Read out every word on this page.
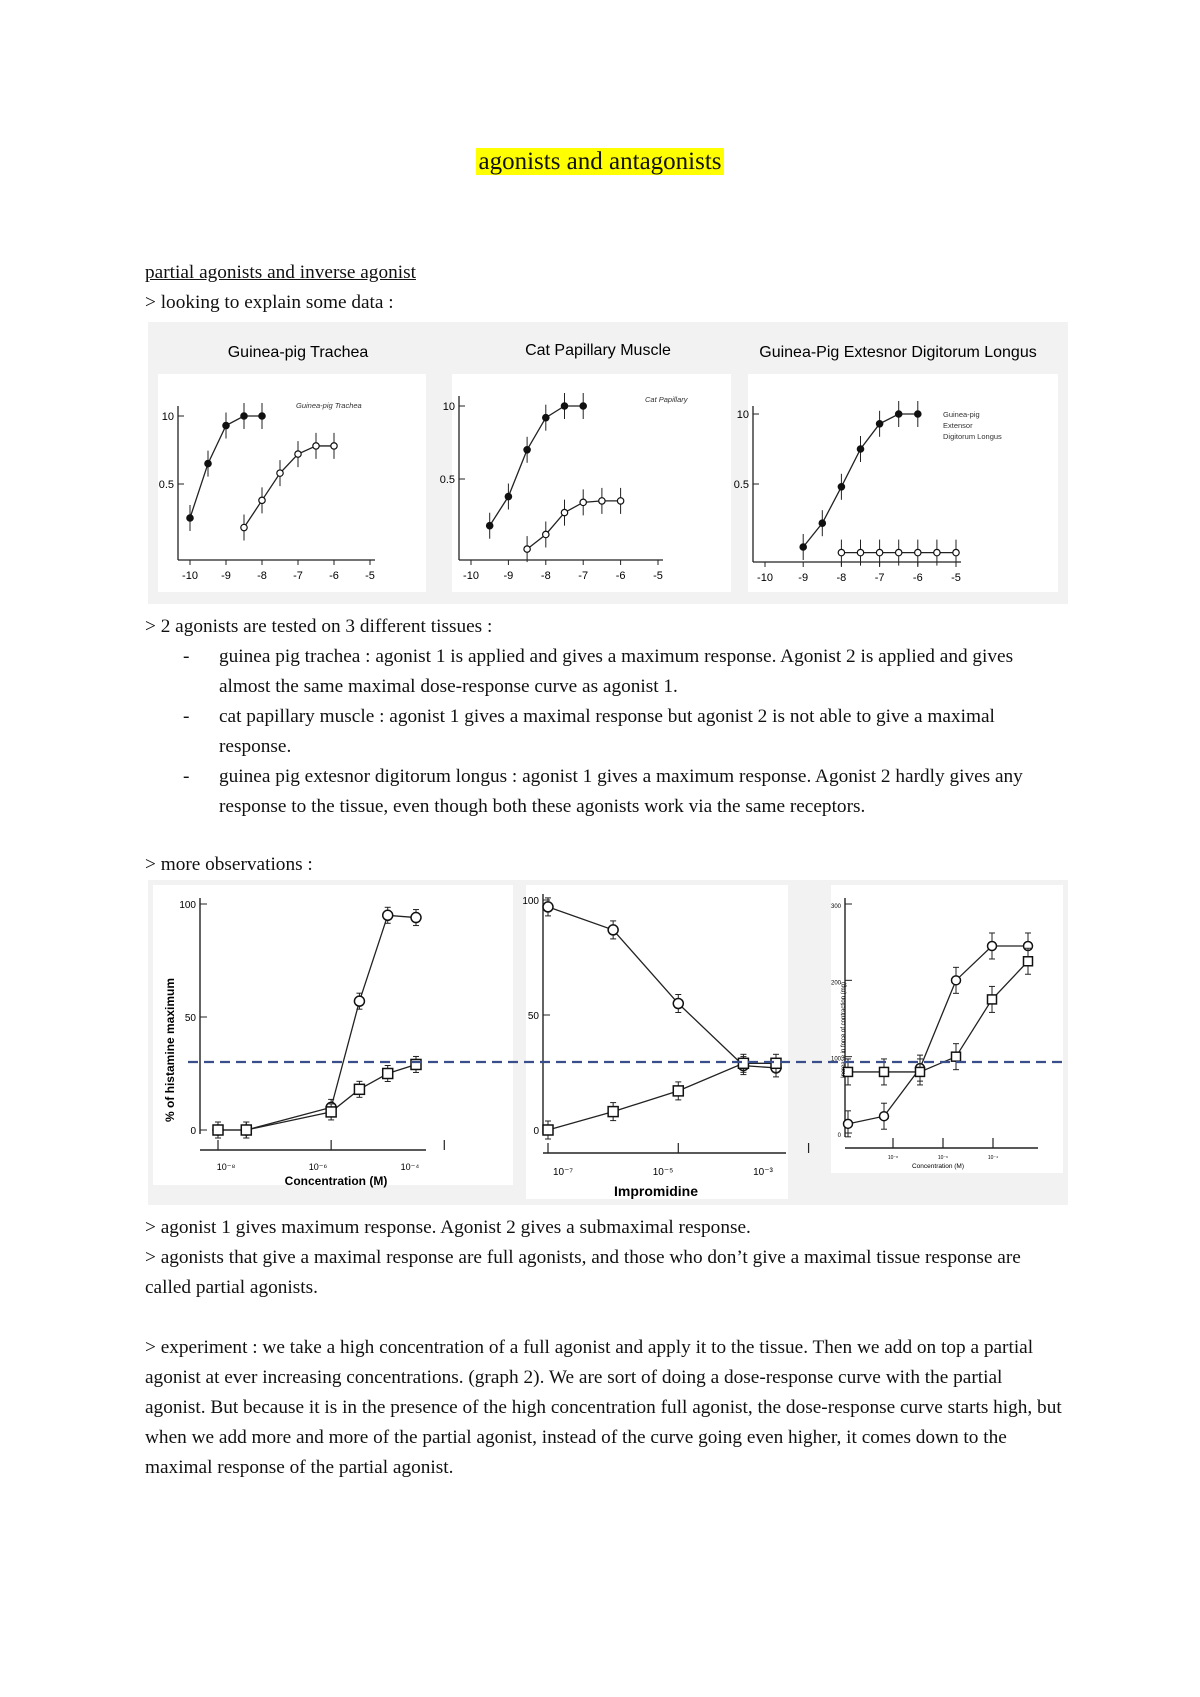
agonists and antagonists
partial agonists and inverse agonist
> looking to explain some data :
Guinea-pig Trachea	Cat Papillary Muscle	Guinea-Pig Extesnor Digitorum Longus
10
0.5
-10 -9 -8 -7 -6 -5
Guinea-pig Trachea	10
0.5
-10 -9	-8	-7	-6	-5
Cat Papillary
10
0.5
-10 -9	-8	-7	-6	-5
Guinea-pig
Extensor
Digitorum Longus
> 2 agonists are tested on 3 different tissues :
- guinea pig trachea : agonist 1 is applied and gives a maximum response. Agonist 2 is applied and gives almost the same maximal dose-response curve as agonist 1.
- cat papillary muscle : agonist 1 gives a maximal response but agonist 2 is not able to give a maximal response.
- guinea pig extesnor digitorum longus : agonist 1 gives a maximum response. Agonist 2 hardly gives any response to the tissue, even though both these agonists work via the same receptors.
> more observations :
100
50
0
100
50
0
300
200
100
0
% of histamine maximum
Concentration (M)
10⁻⁸	10⁻⁶	10⁻⁴
Impromidine
10⁻⁷	10⁻⁵	10⁻³
Increase in force of contraction (mg)
Concentration (M)
10⁻⁸	10⁻⁶	10⁻⁴
> agonist 1 gives maximum response. Agonist 2 gives a submaximal response.
> agonists that give a maximal response are full agonists, and those who don’t give a maximal tissue response are called partial agonists.
> experiment : we take a high concentration of a full agonist and apply it to the tissue. Then we add on top a partial agonist at ever increasing concentrations. (graph 2). We are sort of doing a dose-response curve with the partial agonist. But because it is in the presence of the high concentration full agonist, the dose-response curve starts high, but when we add more and more of the partial agonist, instead of the curve going even higher, it comes down to the maximal response of the partial agonist.
